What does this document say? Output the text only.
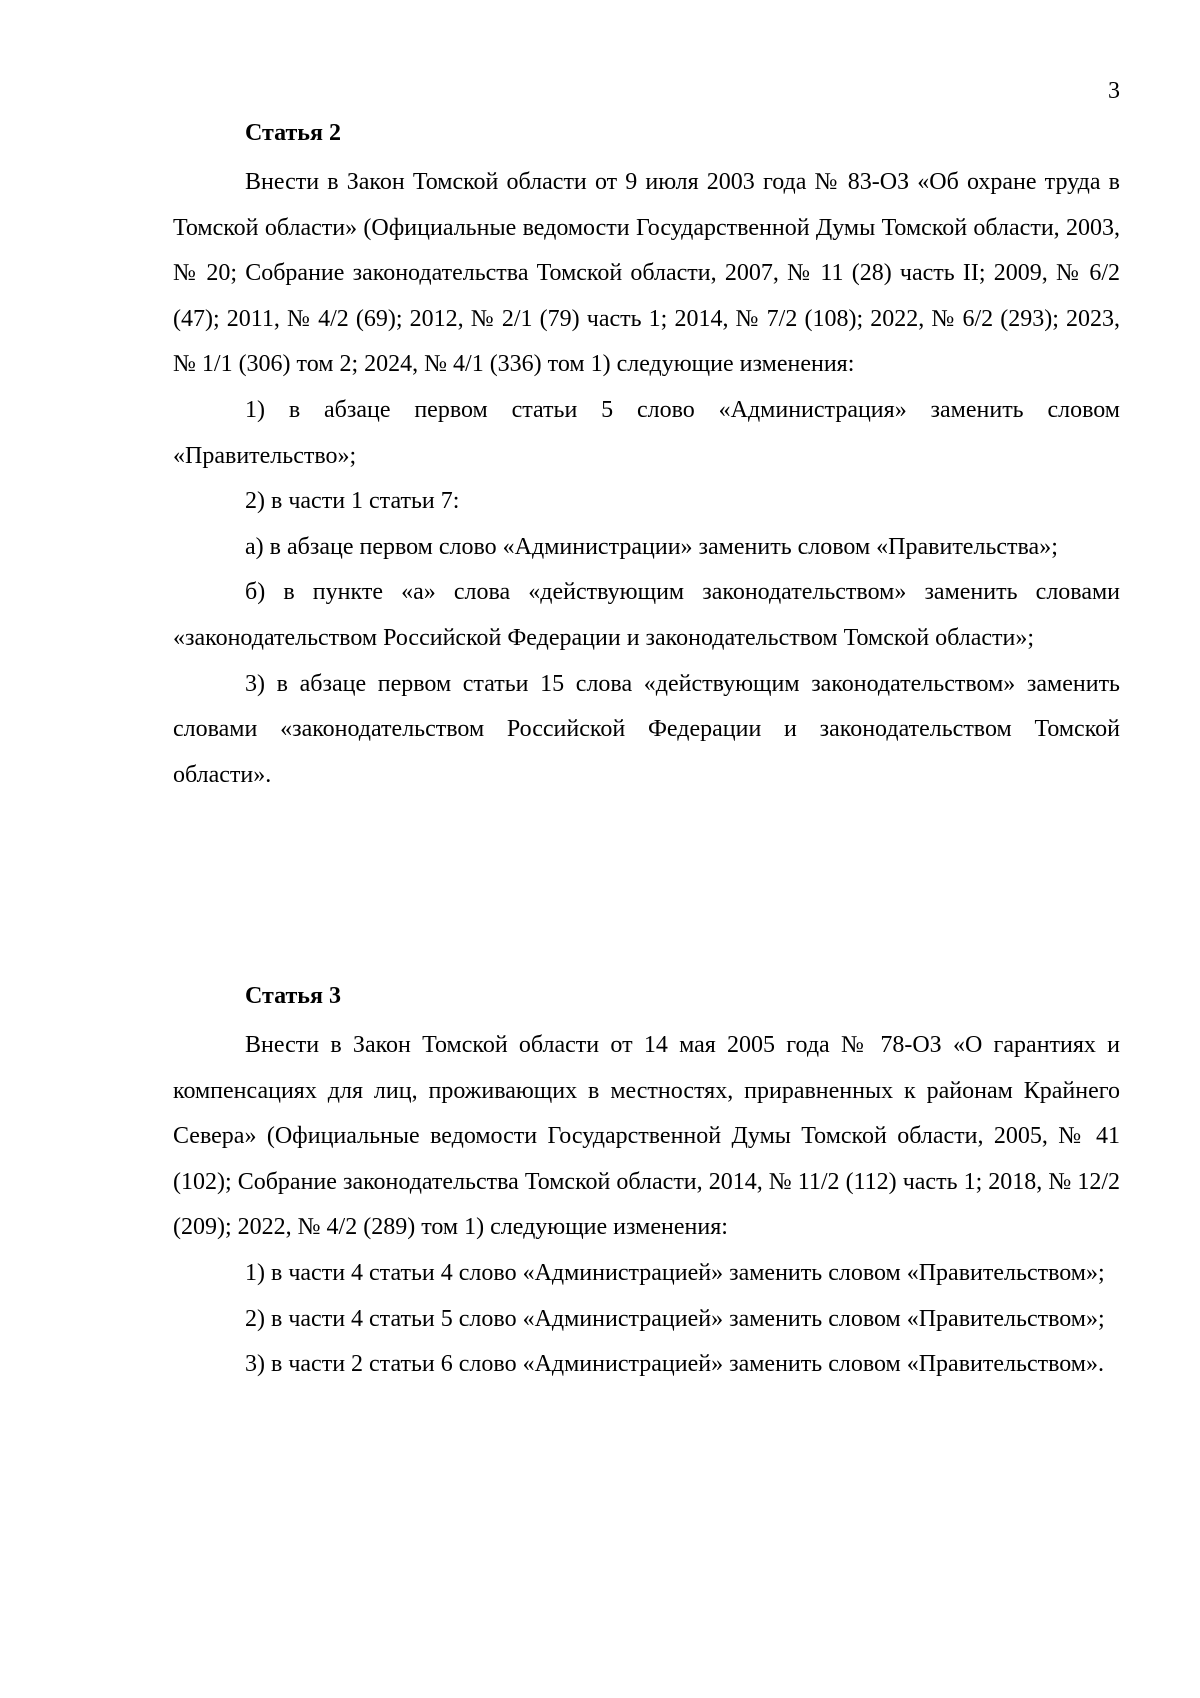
3
Статья 2

Внести в Закон Томской области от 9 июля 2003 года № 83-ОЗ «Об охране труда в Томской области» (Официальные ведомости Государственной Думы Томской области, 2003, № 20; Собрание законодательства Томской области, 2007, № 11 (28) часть II; 2009, № 6/2 (47); 2011, № 4/2 (69); 2012, № 2/1 (79) часть 1; 2014, № 7/2 (108); 2022, № 6/2 (293); 2023, № 1/1 (306) том 2; 2024, № 4/1 (336) том 1) следующие изменения:

1) в абзаце первом статьи 5 слово «Администрация» заменить словом «Правительство»;

2) в части 1 статьи 7:

а) в абзаце первом слово «Администрации» заменить словом «Правительства»;

б) в пункте «а» слова «действующим законодательством» заменить словами «законодательством Российской Федерации и законодательством Томской области»;

3) в абзаце первом статьи 15 слова «действующим законодательством» заменить словами «законодательством Российской Федерации и законодательством Томской области».

Статья 3

Внести в Закон Томской области от 14 мая 2005 года № 78-ОЗ «О гарантиях и компенсациях для лиц, проживающих в местностях, приравненных к районам Крайнего Севера» (Официальные ведомости Государственной Думы Томской области, 2005, № 41 (102); Собрание законодательства Томской области, 2014, № 11/2 (112) часть 1; 2018, № 12/2 (209); 2022, № 4/2 (289) том 1) следующие изменения:

1) в части 4 статьи 4 слово «Администрацией» заменить словом «Правительством»;

2) в части 4 статьи 5 слово «Администрацией» заменить словом «Правительством»;

3) в части 2 статьи 6 слово «Администрацией» заменить словом «Правительством».
